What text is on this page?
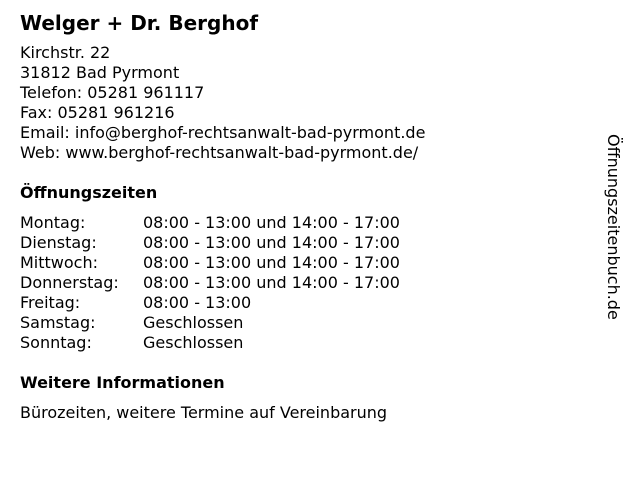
Welger + Dr. Berghof
Kirchstr. 22
31812 Bad Pyrmont
Telefon: 05281 961117
Fax: 05281 961216
Email: info@berghof-rechtsanwalt-bad-pyrmont.de
Web: www.berghof-rechtsanwalt-bad-pyrmont.de/
Öffnungszeiten
Montag:	08:00 - 13:00 und 14:00 - 17:00
Dienstag:	08:00 - 13:00 und 14:00 - 17:00
Mittwoch:	08:00 - 13:00 und 14:00 - 17:00
Donnerstag:	08:00 - 13:00 und 14:00 - 17:00
Freitag:	08:00 - 13:00
Samstag:	Geschlossen
Sonntag:	Geschlossen
Weitere Informationen
Bürozeiten, weitere Termine auf Vereinbarung
Öffnungszeitenbuch.de
